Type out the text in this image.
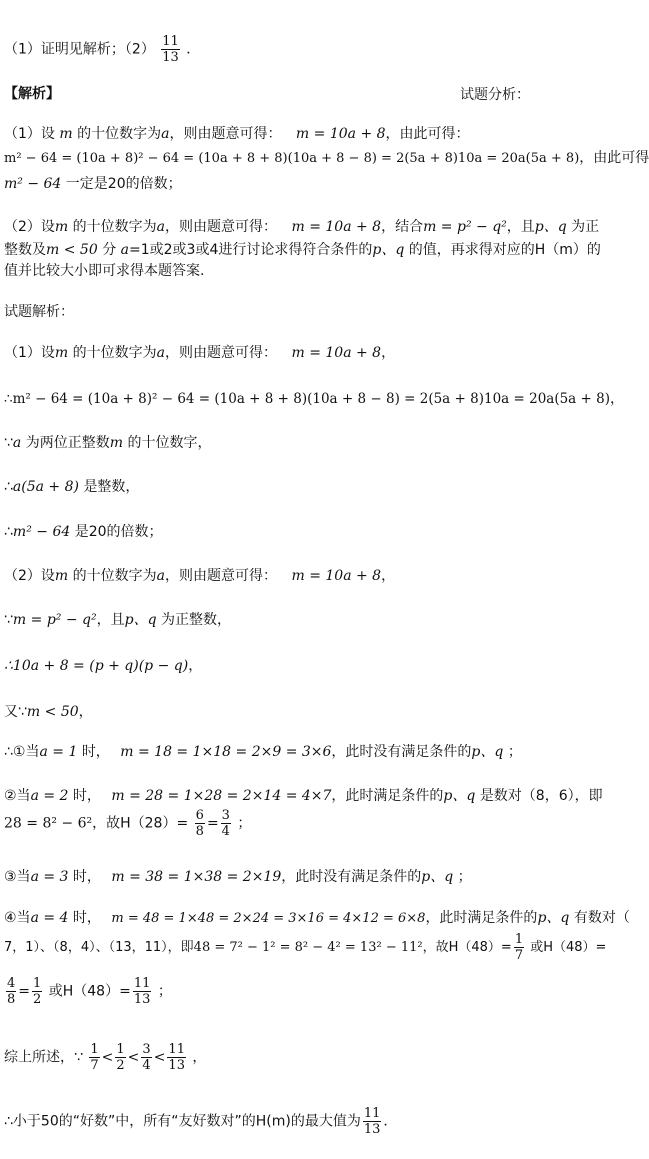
（1）证明见解析；$(2) \frac{11}{13}$ ．
【解析】	试题分析：
（1）设 m 的十位数字为a，则由题意可得： m = 10a + 8，由此可得：
m² − 64 = (10a + 8)² − 64 = (10a + 8 + 8)(10a + 8 − 8) = 2(5a + 8)10a = 20a(5a + 8)，由此可得
m² − 64 一定是20的倍数；
（2）设m 的十位数字为a，则由题意可得： m = 10a + 8，结合m = p² − q²，且p、q 为正
整数及m < 50 分 a=1或2或3或4进行讨论求得符合条件的p、q 的值，再求得对应的H（m）的
值并比较大小即可求得本题答案.
试题解析：
（1）设m 的十位数字为a，则由题意可得： m = 10a + 8，
∴m² − 64 = (10a + 8)² − 64 = (10a + 8 + 8)(10a + 8 − 8) = 2(5a + 8)10a = 20a(5a + 8)，
∵a 为两位正整数m 的十位数字，
∴a(5a + 8) 是整数，
∴m² − 64 是20的倍数；
（2）设m 的十位数字为a，则由题意可得： m = 10a + 8，
∵m = p² − q²，且p、q 为正整数，
∴10a + 8 = (p + q)(p − q)，
又∵m < 50，
∴①当a = 1 时， m = 18 = 1×18 = 2×9 = 3×6，此时没有满足条件的p、q ；
②当a = 2 时， m = 28 = 1×28 = 2×14 = 4×7，此时满足条件的p、q 是数对（8，6），即
28 = 8² − 6²，故$H(28)= \frac{6}{8} = \frac{3}{4}$ ；
③当a = 3 时， m = 38 = 1×38 = 2×19，此时没有满足条件的p、q ；
④当a = 4 时， m = 48 = 1×48 = 2×24 = 3×16 = 4×12 = 6×8，此时满足条件的p、q 有数对（
7，1）、（8，4）、（13，11），即48 = 7² − 1² = 8² − 4² = 13² − 11²，故$H(48)= \frac{1}{7}$ 或H（48）=
$\frac{4}{8} = \frac{1}{2}$ 或$H(48)= \frac{11}{13}$ ；
综上所述，∵ $\frac{1}{7} < \frac{1}{2} < \frac{3}{4} < \frac{11}{13}$ ，
∴小于50的“好数”中，所有“友好数对”的H(m)的最大值为 $\frac{11}{13}$ ．
